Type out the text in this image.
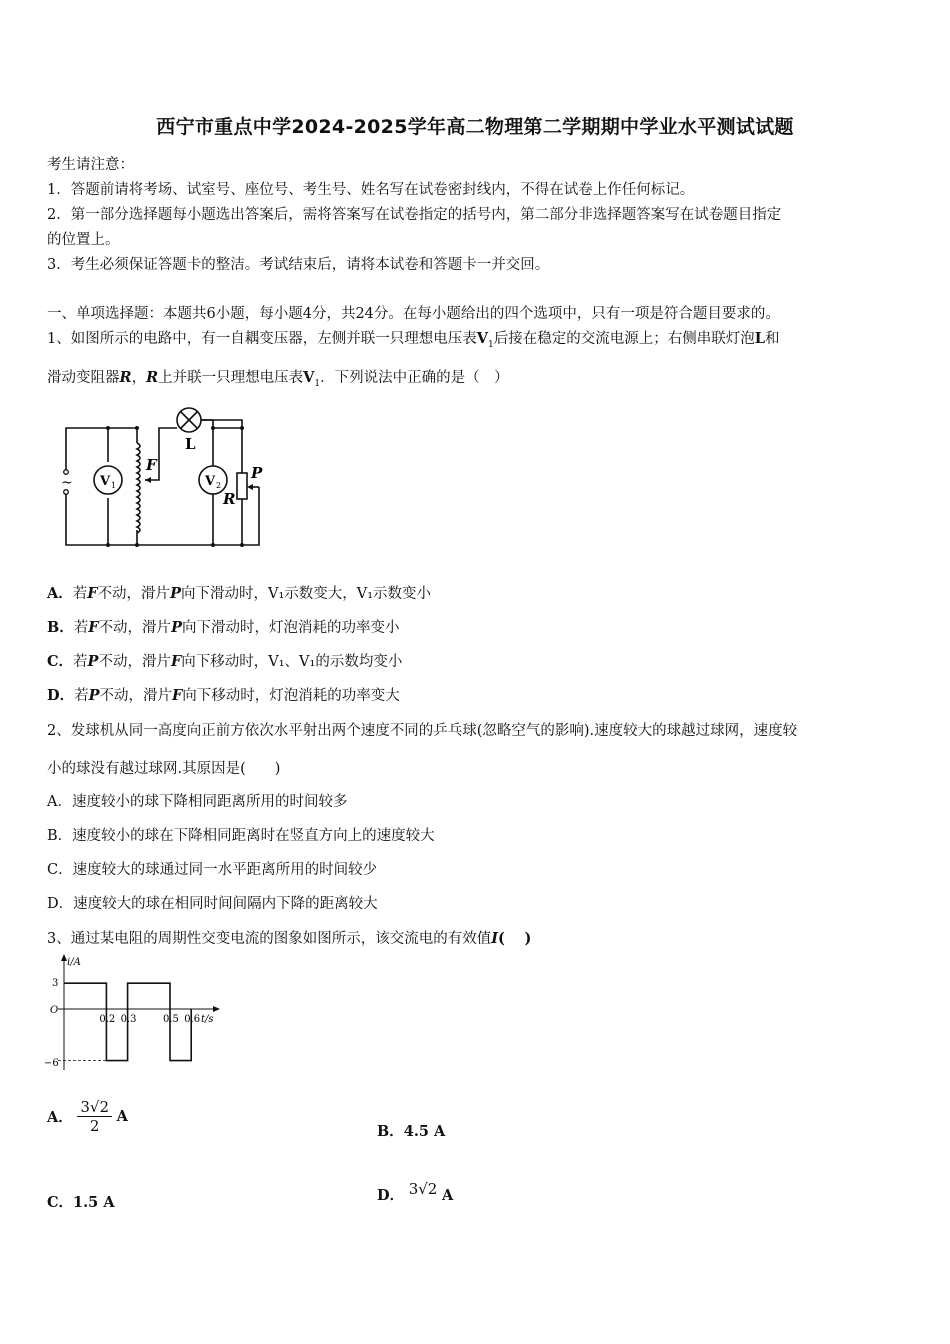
西宁市重点中学2024-2025学年高二物理第二学期期中学业水平测试试题
考生请注意：
1．答题前请将考场、试室号、座位号、考生号、姓名写在试卷密封线内，不得在试卷上作任何标记。
2．第一部分选择题每小题选出答案后，需将答案写在试卷指定的括号内，第二部分非选择题答案写在试卷题目指定
的位置上。
3．考生必须保证答题卡的整洁。考试结束后，请将本试卷和答题卡一并交回。
一、单项选择题：本题共6小题，每小题4分，共24分。在每小题给出的四个选项中，只有一项是符合题目要求的。
1、如图所示的电路中，有一自耦变压器，左侧并联一只理想电压表$V_1$后接在稳定的交流电源上；右侧串联灯泡L和
滑动变阻器R，R上并联一只理想电压表$V_1$．下列说法中正确的是（　）
~ V 1	V 2
F
L
P
R
A．若F不动，滑片P向下滑动时，V₁示数变大，V₁示数变小
B．若F不动，滑片P向下滑动时，灯泡消耗的功率变小
C．若P不动，滑片F向下移动时，V₁、V₁的示数均变小
D．若P不动，滑片F向下移动时，灯泡消耗的功率变大
2、发球机从同一高度向正前方依次水平射出两个速度不同的乒乓球(忽略空气的影响).速度较大的球越过球网，速度较
小的球没有越过球网.其原因是(　　)
A．速度较小的球下降相同距离所用的时间较多
B．速度较小的球在下降相同距离时在竖直方向上的速度较大
C．速度较大的球通过同一水平距离所用的时间较少
D．速度较大的球在相同时间间隔内下降的距离较大
3、通过某电阻的周期性交变电流的图象如图所示，该交流电的有效值I(　 )
i/A
t/s
O
3
−6
0.2 0.3	0.5 0.6
A． $\frac{3√2}{2}$ A
B．4.5 A
C．1.5 A	D． 3√2 A
